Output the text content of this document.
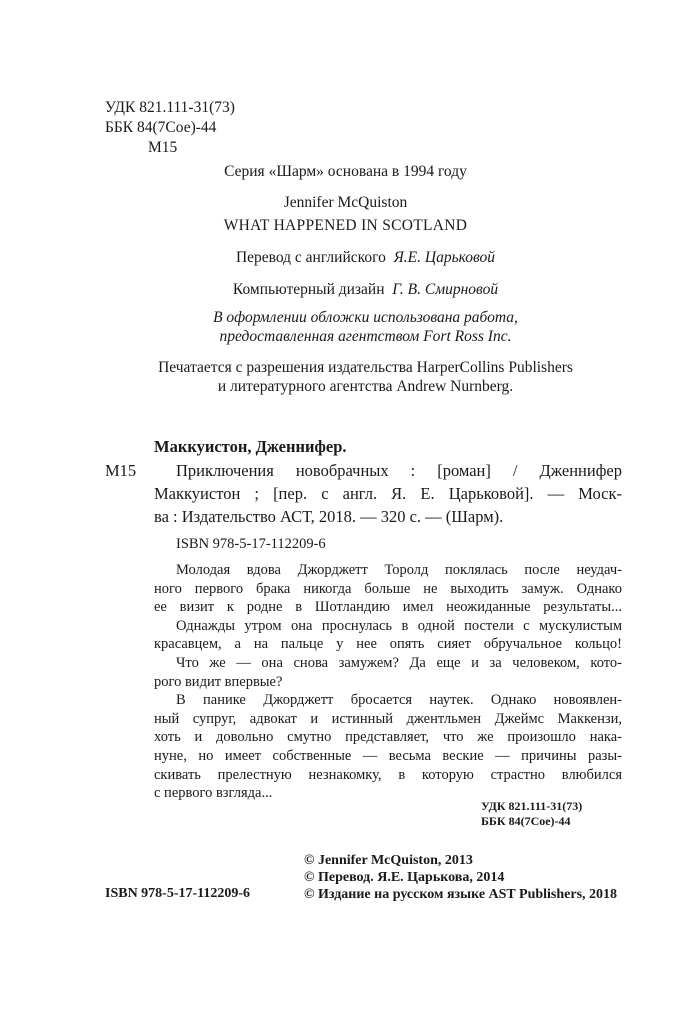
УДК 821.111-31(73)
ББК 84(7Сое)-44
М15
Серия «Шарм» основана в 1994 году
Jennifer McQuiston
WHAT HAPPENED IN SCOTLAND
Перевод с английского Я.Е. Царьковой
Компьютерный дизайн Г. В. Смирновой
В оформлении обложки использована работа,
предоставленная агентством Fort Ross Inc.
Печатается с разрешения издательства HarperCollins Publishers
и литературного агентства Andrew Nurnberg.
Маккуистон, Дженнифер.
М15 Приключения новобрачных : [роман] / Дженнифер
Маккуистон ; [пер. с англ. Я. Е. Царьковой]. — Моск-
ва : Издательство АСТ, 2018. — 320 с. — (Шарм).
ISBN 978-5-17-112209-6
Молодая вдова Джорджетт Торолд поклялась после неудач-
ного первого брака никогда больше не выходить замуж. Однако
ее визит к родне в Шотландию имел неожиданные результаты...
Однажды утром она проснулась в одной постели с мускулистым
красавцем, а на пальце у нее опять сияет обручальное кольцо!
Что же — она снова замужем? Да еще и за человеком, кото-
рого видит впервые?
В панике Джорджетт бросается наутек. Однако новоявлен-
ный супруг, адвокат и истинный джентльмен Джеймс Маккензи,
хоть и довольно смутно представляет, что же произошло нака-
нуне, но имеет собственные — весьма веские — причины разы-
скивать прелестную незнакомку, в которую страстно влюбился
с первого взгляда...
УДК 821.111-31(73)
ББК 84(7Сое)-44
ISBN 978-5-17-112209-6
© Jennifer McQuiston, 2013
© Перевод. Я.Е. Царькова, 2014
© Издание на русском языке AST Publishers, 2018
